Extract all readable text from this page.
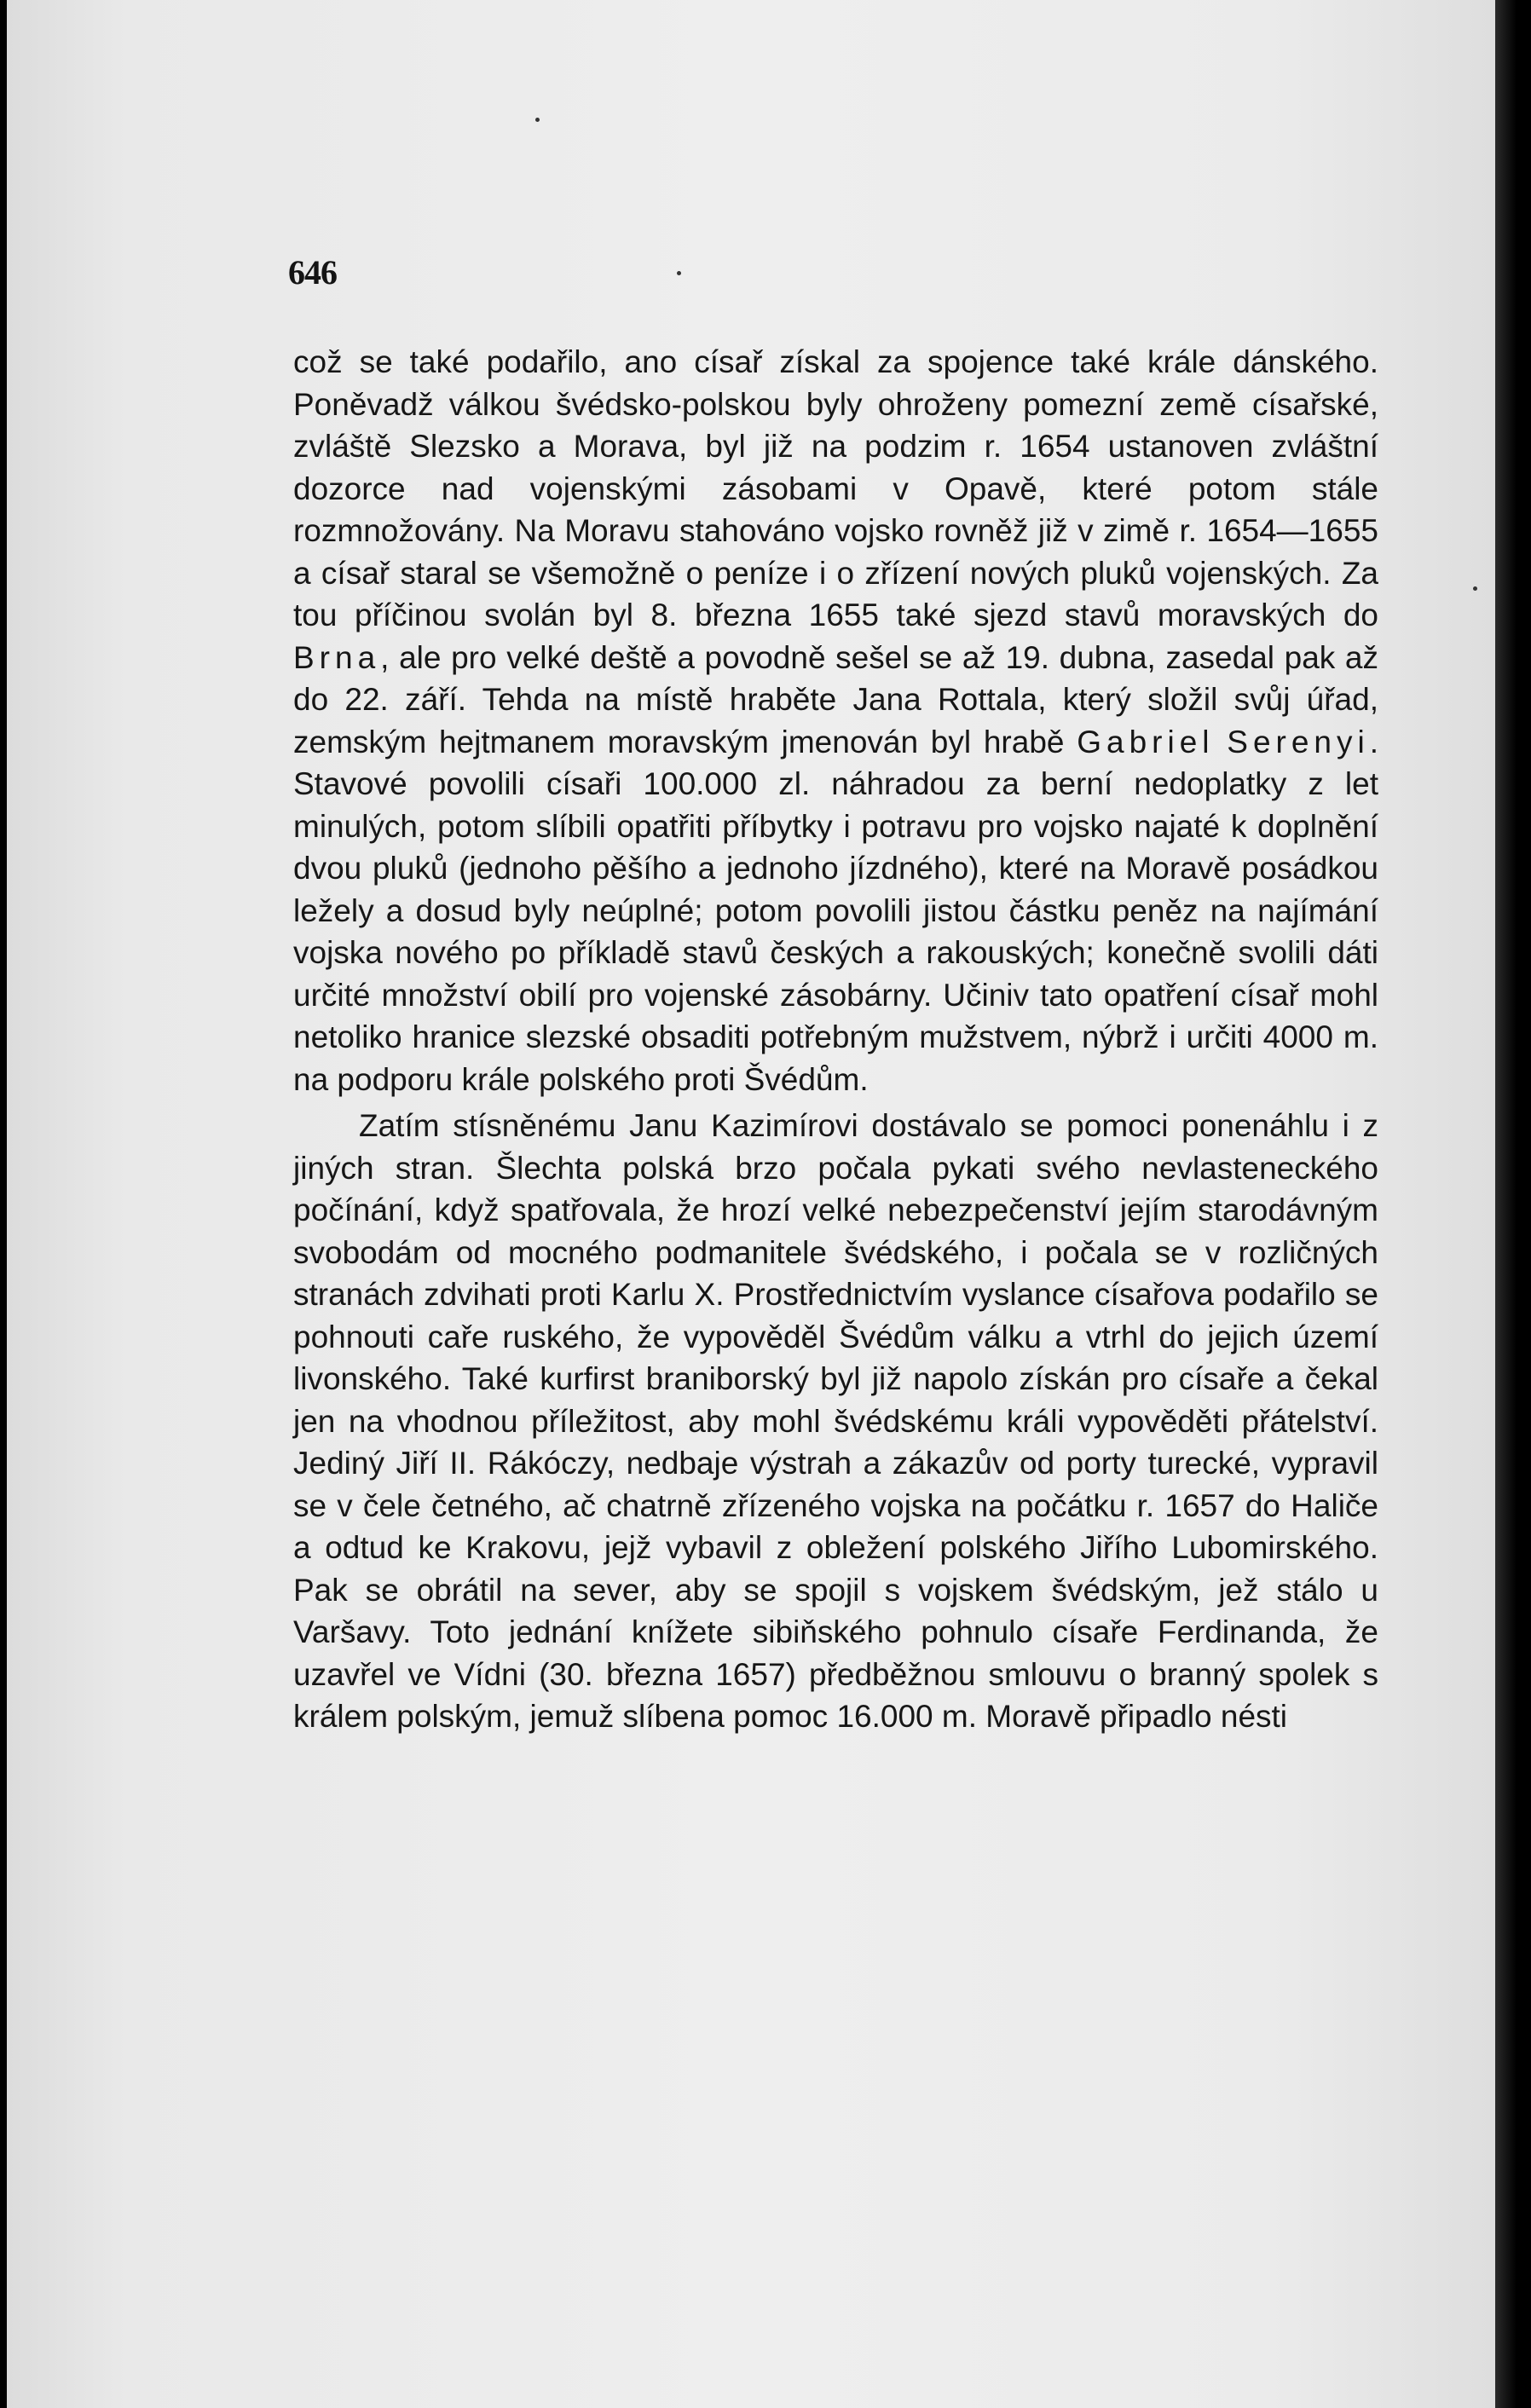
646

což se také podařilo, ano císař získal za spojence také krále dánského. Poněvadž válkou švédsko-polskou byly ohroženy pomezní země císařské, zvláště Slezsko a Morava, byl již na podzim r. 1654 ustanoven zvláštní dozorce nad vojenskými zásobami v Opavě, které potom stále rozmnožovány. Na Moravu stahováno vojsko rovněž již v zimě r. 1654—1655 a císař staral se všemožně o peníze i o zřízení nových pluků vojenských. Za tou příčinou svolán byl 8. března 1655 také sjezd stavů moravských do Brna, ale pro velké deště a povodně sešel se až 19. dubna, zasedal pak až do 22. září. Tehda na místě hraběte Jana Rottala, který složil svůj úřad, zemským hejtmanem moravským jmenován byl hrabě Gabriel Serenyi. Stavové povolili císaři 100.000 zl. náhradou za berní nedoplatky z let minulých, potom slíbili opatřiti příbytky i potravu pro vojsko najaté k doplnění dvou pluků (jednoho pěšího a jednoho jízdného), které na Moravě posádkou ležely a dosud byly neúplné; potom povolili jistou částku peněz na najímání vojska nového po příkladě stavů českých a rakouských; konečně svolili dáti určité množství obilí pro vojenské zásobárny. Učiniv tato opatření císař mohl netoliko hranice slezské obsaditi potřebným mužstvem, nýbrž i určiti 4000 m. na podporu krále polského proti Švédům.

Zatím stísněnému Janu Kazimírovi dostávalo se pomoci ponenáhlu i z jiných stran. Šlechta polská brzo počala pykati svého nevlasteneckého počínání, když spatřovala, že hrozí velké nebezpečenství jejím starodávným svobodám od mocného podmanitele švédského, i počala se v rozličných stranách zdvihati proti Karlu X. Prostřednictvím vyslance císařova podařilo se pohnouti caře ruského, že vypověděl Švédům válku a vtrhl do jejich území livonského. Také kurfirst braniborský byl již napolo získán pro císaře a čekal jen na vhodnou příležitost, aby mohl švédskému králi vypověděti přátelství. Jediný Jiří II. Rákóczy, nedbaje výstrah a zákazův od porty turecké, vypravil se v čele četného, ač chatrně zřízeného vojska na počátku r. 1657 do Haliče a odtud ke Krakovu, jejž vybavil z obležení polského Jiřího Lubomirského. Pak se obrátil na sever, aby se spojil s vojskem švédským, jež stálo u Varšavy. Toto jednání knížete sibiňského pohnulo císaře Ferdinanda, že uzavřel ve Vídni (30. března 1657) předběžnou smlouvu o branný spolek s králem polským, jemuž slíbena pomoc 16.000 m. Moravě připadlo nésti
